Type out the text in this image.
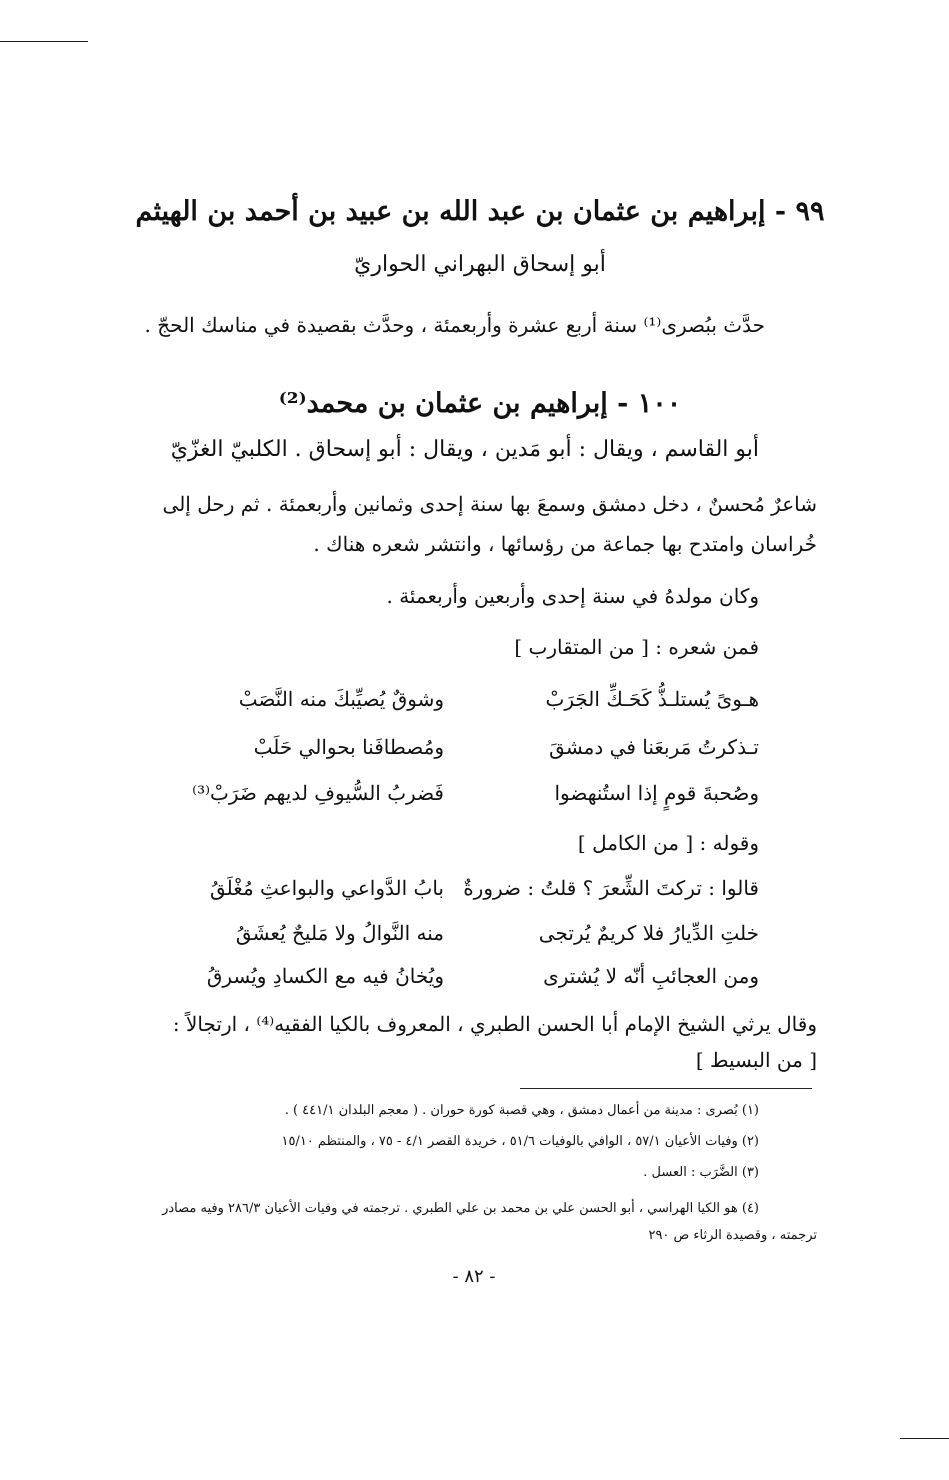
٩٩ - إبراهيم بن عثمان بن عبد الله بن عبيد بن أحمد بن الهيثم
أبو إسحاق البهراني الحواريّ
حدَّث ببُصرى⁽¹⁾ سنة أربع عشرة وأربعمئة ، وحدَّث بقصيدة في مناسك الحجّ .
١٠٠ - إبراهيم بن عثمان بن محمد⁽²⁾
أبو القاسم ، ويقال : أبو مَدين ، ويقال : أبو إسحاق . الكلبيّ الغزّيّ
شاعرٌ مُحسنٌ ، دخل دمشق وسمعَ بها سنة إحدى وثمانين وأربعمئة . ثم رحل إلى
خُراسان وامتدح بها جماعة من رؤسائها ، وانتشر شعره هناك .
وكان مولدهُ في سنة إحدى وأربعين وأربعمئة .
فمن شعره : [ من المتقارب ]
هـوىً يُستلـذُّ كَحَـكِّ الجَرَبْ
وشوقٌ يُصيِّبكَ منه النَّصَبْ
تـذكرتُ مَربعَنا في دمشقَ
ومُصطافَنا بحوالي حَلَبْ
وصُحبةَ قومٍ إذا استُنهضوا
فَضربُ السُّيوفِ لديهم ضَرَبْ⁽³⁾
وقوله : [ من الكامل ]
قالوا : تركتَ الشِّعرَ ؟ قلتُ : ضرورةٌ
بابُ الدَّواعي والبواعثِ مُغْلَقُ
خلتِ الدِّيارُ فلا كريمٌ يُرتجى
منه النَّوالُ ولا مَليحٌ يُعشَقُ
ومن العجائبِ أنّه لا يُشترى
ويُخانُ فيه مع الكسادِ ويُسرقُ
وقال يرثي الشيخ الإمام أبا الحسن الطبري ، المعروف بالكيا الفقيه⁽⁴⁾ ، ارتجالاً :
[ من البسيط ]
(١) بُصرى : مدينة من أعمال دمشق ، وهي قصبة كورة حوران . ( معجم البلدان ٤٤١/١ ) .
(٢) وفيات الأعيان ٥٧/١ ، الوافي بالوفيات ٥١/٦ ، خريدة القصر ٤/١ - ٧٥ ، والمنتظم ١٥/١٠
(٣) الضَّرَب : العسل .
(٤) هو الكيا الهراسي ، أبو الحسن علي بن محمد بن علي الطبري . ترجمته في وفيات الأعيان ٢٨٦/٣ وفيه مصادر
ترجمته ، وقصيدة الرثاء ص ٢٩٠
- ٨٢ -
